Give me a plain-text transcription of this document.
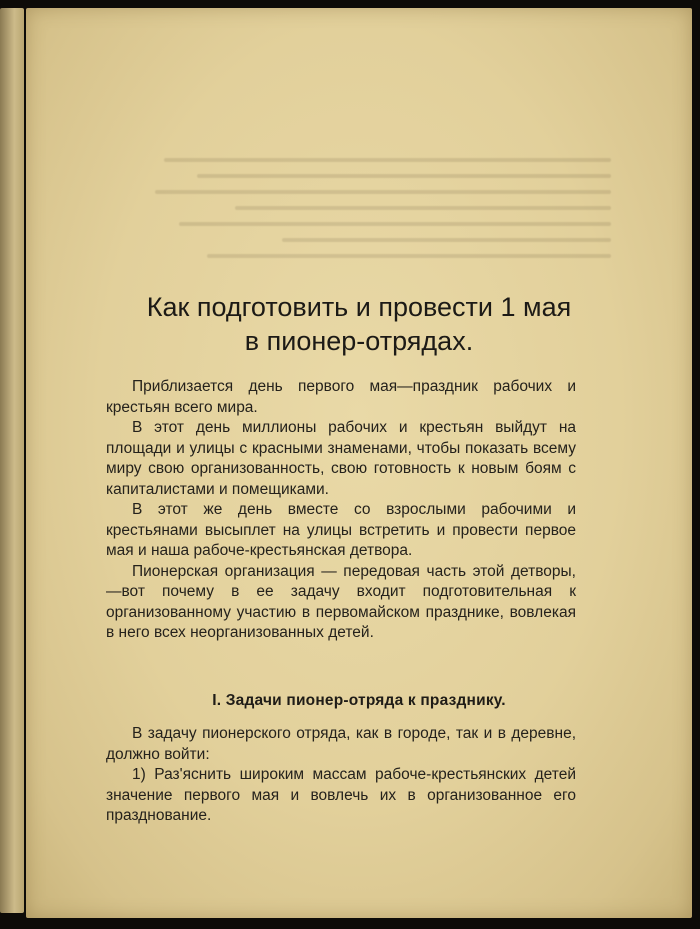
Как подготовить и провести 1 мая
в пионер-отрядах.

Приблизается день первого мая—праздник рабочих и крестьян всего мира.

В этот день миллионы рабочих и крестьян выйдут на площади и улицы с красными знаменами, чтобы показать всему миру свою организованность, свою готовность к новым боям с капиталистами и помещиками.

В этот же день вместе со взрослыми рабочими и крестьянами высыплет на улицы встретить и провести первое мая и наша рабоче-крестьянская детвора.

Пионерская организация — передовая часть этой детворы,—вот почему в ее задачу входит подготовительная к организованному участию в первомайском празднике, вовлекая в него всех неорганизованных детей.

I. Задачи пионер-отряда к празднику.

В задачу пионерского отряда, как в городе, так и в деревне, должно войти:

1) Раз'яснить широким массам рабоче-крестьянских детей значение первого мая и вовлечь их в организованное его празднование.
